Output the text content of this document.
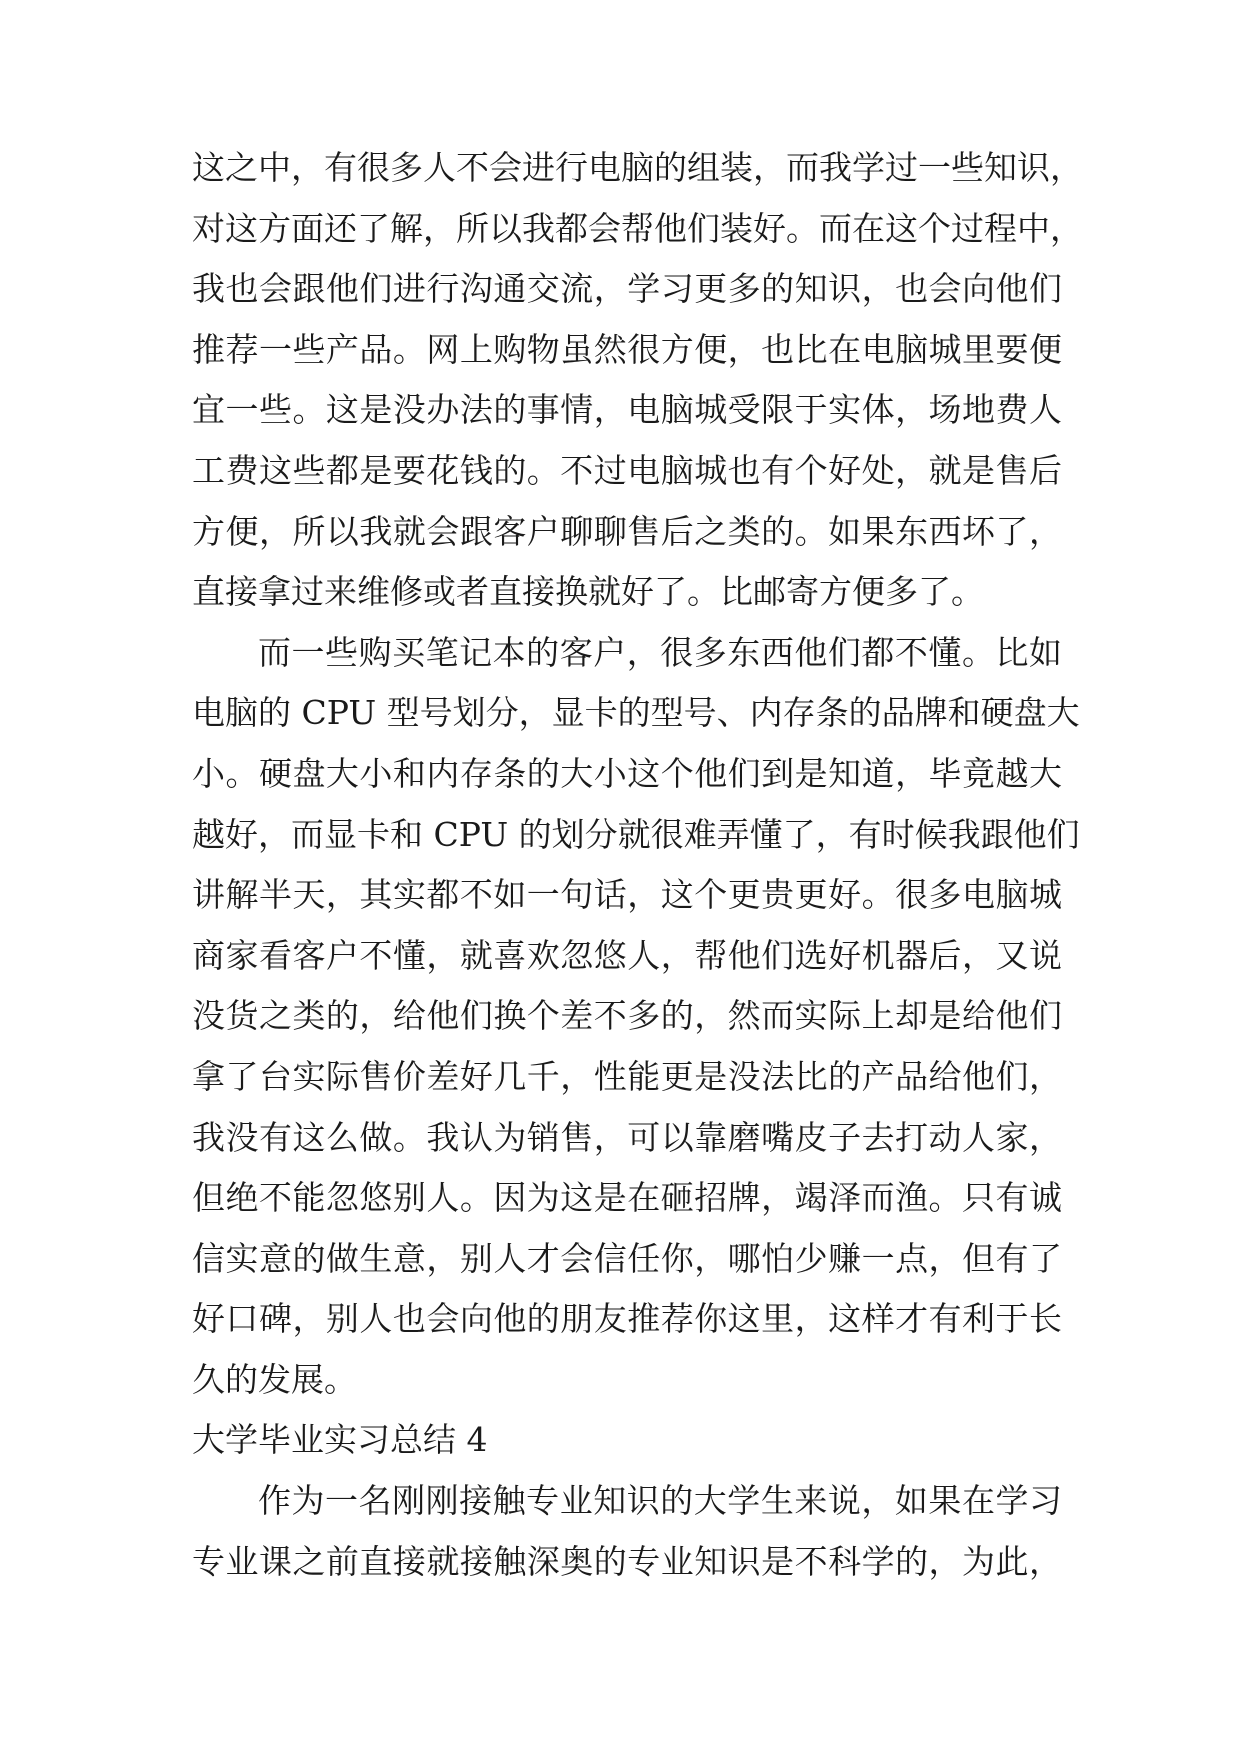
这之中，有很多人不会进行电脑的组装，而我学过一些知识，
对这方面还了解，所以我都会帮他们装好。而在这个过程中，
我也会跟他们进行沟通交流，学习更多的知识，也会向他们
推荐一些产品。网上购物虽然很方便，也比在电脑城里要便
宜一些。这是没办法的事情，电脑城受限于实体，场地费人
工费这些都是要花钱的。不过电脑城也有个好处，就是售后
方便，所以我就会跟客户聊聊售后之类的。如果东西坏了，
直接拿过来维修或者直接换就好了。比邮寄方便多了。
而一些购买笔记本的客户，很多东西他们都不懂。比如
电脑的 CPU 型号划分，显卡的型号、内存条的品牌和硬盘大
小。硬盘大小和内存条的大小这个他们到是知道，毕竟越大
越好，而显卡和 CPU 的划分就很难弄懂了，有时候我跟他们
讲解半天，其实都不如一句话，这个更贵更好。很多电脑城
商家看客户不懂，就喜欢忽悠人，帮他们选好机器后，又说
没货之类的，给他们换个差不多的，然而实际上却是给他们
拿了台实际售价差好几千，性能更是没法比的产品给他们，
我没有这么做。我认为销售，可以靠磨嘴皮子去打动人家，
但绝不能忽悠别人。因为这是在砸招牌，竭泽而渔。只有诚
信实意的做生意，别人才会信任你，哪怕少赚一点，但有了
好口碑，别人也会向他的朋友推荐你这里，这样才有利于长
久的发展。
大学毕业实习总结 4
作为一名刚刚接触专业知识的大学生来说，如果在学习
专业课之前直接就接触深奥的专业知识是不科学的，为此，
